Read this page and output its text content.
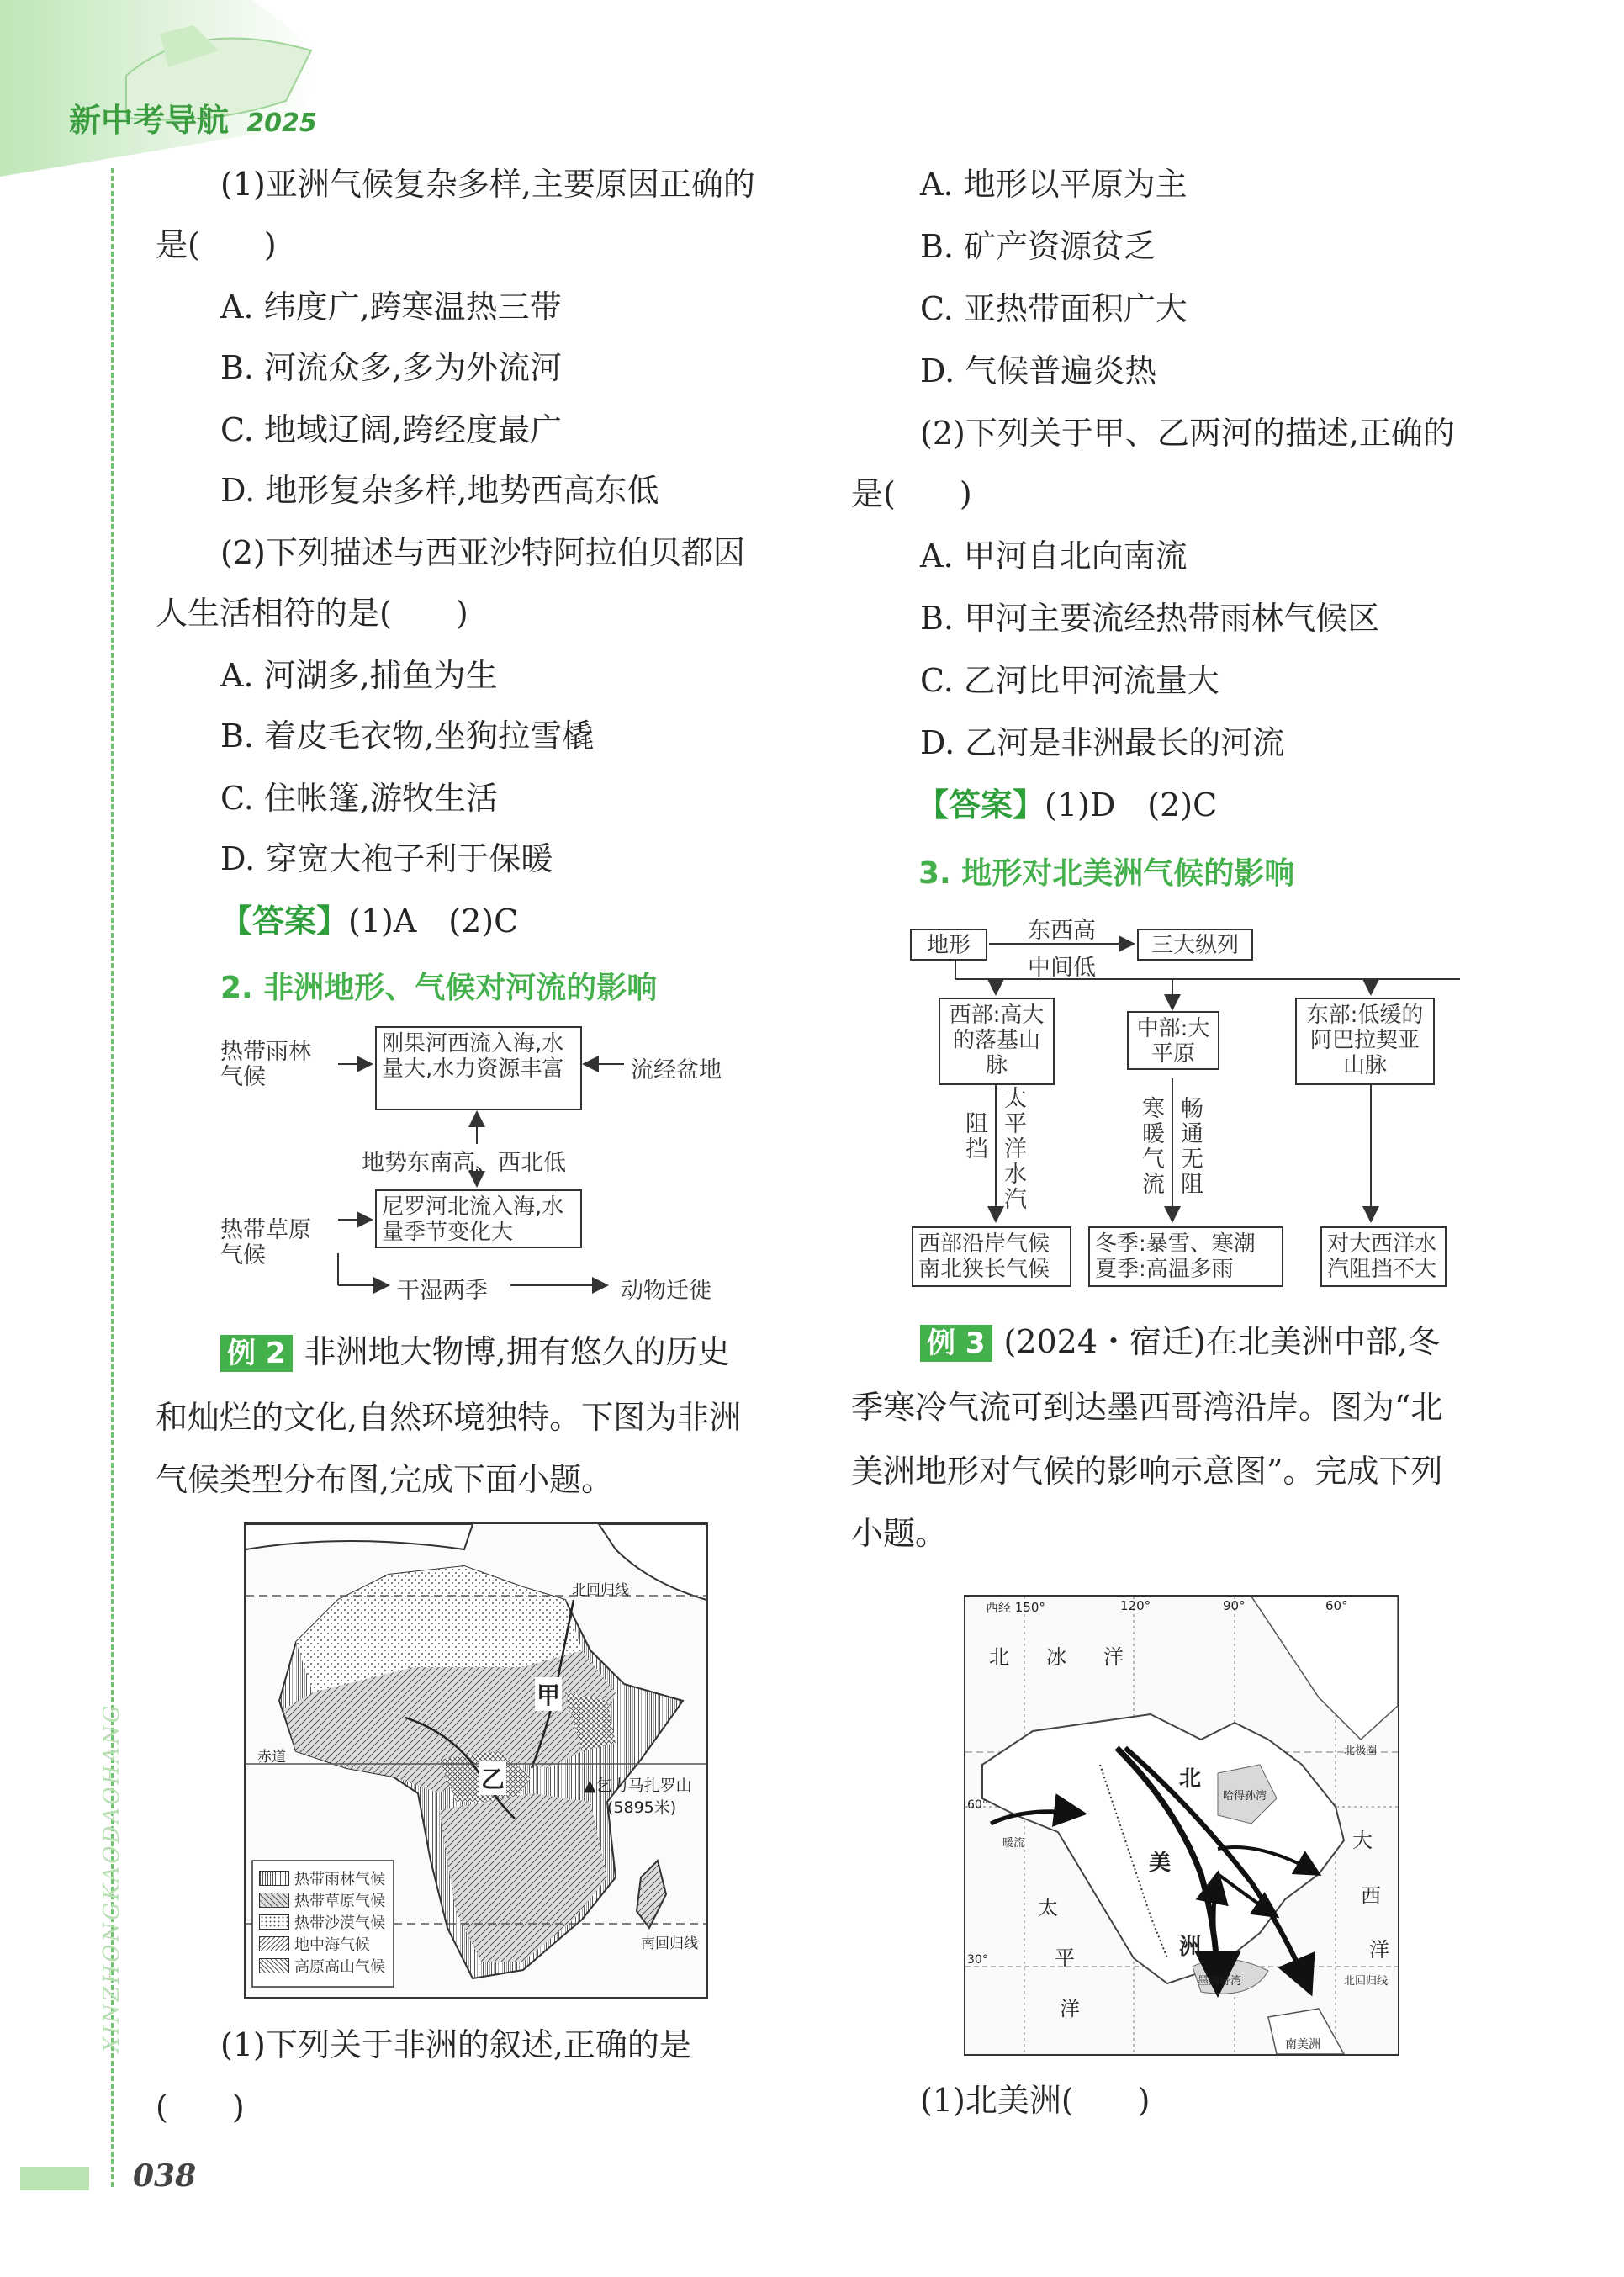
新中考导航 2025
XINZHONGKAODAOHANG
038
(1)亚洲气候复杂多样,主要原因正确的
是(　　)
A. 纬度广,跨寒温热三带
B. 河流众多,多为外流河
C. 地域辽阔,跨经度最广
D. 地形复杂多样,地势西高东低
(2)下列描述与西亚沙特阿拉伯贝都因
人生活相符的是(　　)
A. 河湖多,捕鱼为生
B. 着皮毛衣物,坐狗拉雪橇
C. 住帐篷,游牧生活
D. 穿宽大袍子利于保暖
【答案】(1)A　(2)C
2. 非洲地形、气候对河流的影响
热带雨林气候
刚果河西流入海,水量大,水力资源丰富	流经盆地
地势东南高、西北低
尼罗河北流入海,水量季节变化大
热带草原气候
干湿两季	动物迁徙
例 2 非洲地大物博,拥有悠久的历史
和灿烂的文化,自然环境独特。下图为非洲
气候类型分布图,完成下面小题。
北回归线
赤道
南回归线
甲
乙	▲乞力马扎罗山
(5895米)
热带雨林气候
热带草原气候
热带沙漠气候
地中海气候
高原高山气候
(1)下列关于非洲的叙述,正确的是
(　　)
A. 地形以平原为主
B. 矿产资源贫乏
C. 亚热带面积广大
D. 气候普遍炎热
(2)下列关于甲、乙两河的描述,正确的
是(　　)
A. 甲河自北向南流
B. 甲河主要流经热带雨林气候区
C. 乙河比甲河流量大
D. 乙河是非洲最长的河流
【答案】(1)D　(2)C
3. 地形对北美洲气候的影响
地形
东西高
中间低
三大纵列
西部:高大的落基山脉
中部:大平原
东部:低缓的阿巴拉契亚山脉
阻挡
太平洋水汽
寒暖气流
畅通无阻
西部沿岸气候南北狭长气候
冬季:暴雪、寒潮
夏季:高温多雨
对大西洋水汽阻挡不大
例 3 (2024・宿迁)在北美洲中部,冬
季寒冷气流可到达墨西哥湾沿岸。图为“北
美洲地形对气候的影响示意图”。完成下列
小题。
西经 150°	120°	90°	60°
北 冰 洋
北
美
洲
太
平
洋
大
西
洋
60°
30°
北极圈
北回归线
南美洲
哈得孙湾
墨西哥湾
暖流
(1)北美洲(　　)
